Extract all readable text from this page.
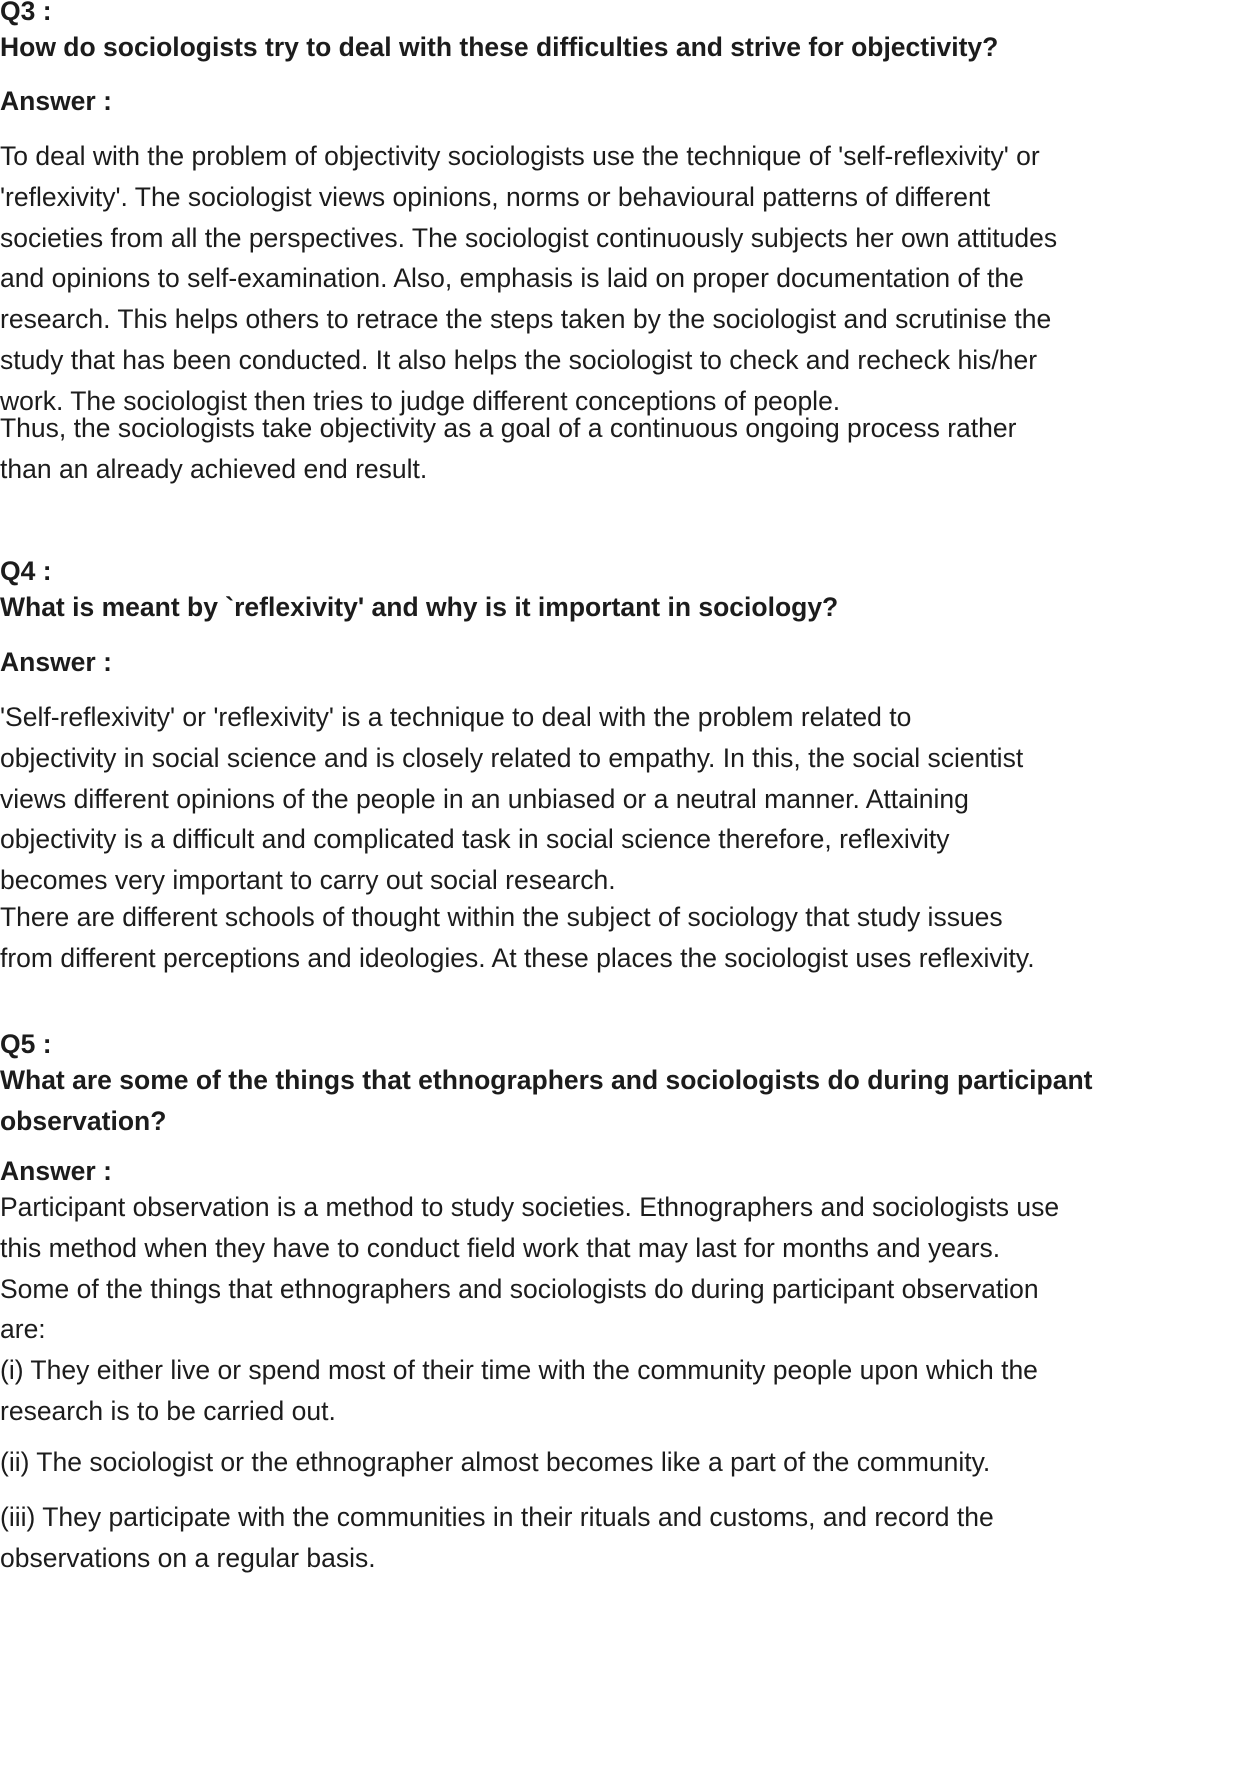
Q3 :
How do sociologists try to deal with these difficulties and strive for objectivity?
Answer :
To deal with the problem of objectivity sociologists use the technique of 'self-reflexivity' or
'reflexivity'. The sociologist views opinions, norms or behavioural patterns of different
societies from all the perspectives. The sociologist continuously subjects her own attitudes
and opinions to self-examination. Also, emphasis is laid on proper documentation of the
research. This helps others to retrace the steps taken by the sociologist and scrutinise the
study that has been conducted. It also helps the sociologist to check and recheck his/her
work. The sociologist then tries to judge different conceptions of people.
Thus, the sociologists take objectivity as a goal of a continuous ongoing process rather
than an already achieved end result.
Q4 :
What is meant by `reflexivity' and why is it important in sociology?
Answer :
'Self-reflexivity' or 'reflexivity' is a technique to deal with the problem related to
objectivity in social science and is closely related to empathy. In this, the social scientist
views different opinions of the people in an unbiased or a neutral manner. Attaining
objectivity is a difficult and complicated task in social science therefore, reflexivity
becomes very important to carry out social research.
There are different schools of thought within the subject of sociology that study issues
from different perceptions and ideologies. At these places the sociologist uses reflexivity.
Q5 :
What are some of the things that ethnographers and sociologists do during participant
observation?
Answer :
Participant observation is a method to study societies. Ethnographers and sociologists use
this method when they have to conduct field work that may last for months and years.
Some of the things that ethnographers and sociologists do during participant observation
are:
(i) They either live or spend most of their time with the community people upon which the
research is to be carried out.
(ii) The sociologist or the ethnographer almost becomes like a part of the community.
(iii) They participate with the communities in their rituals and customs, and record the
observations on a regular basis.
